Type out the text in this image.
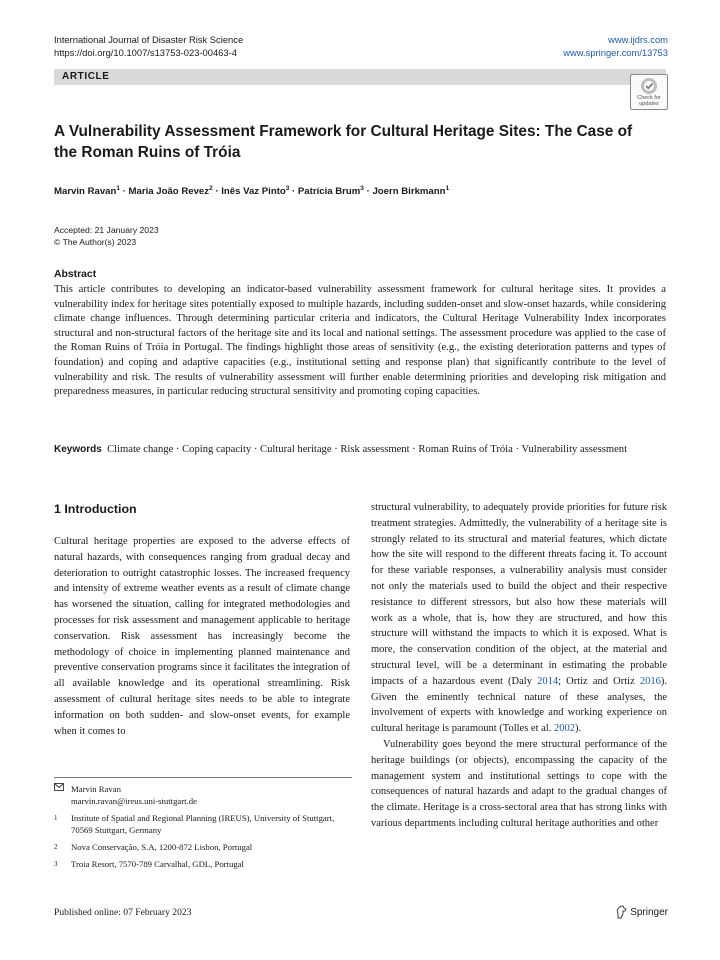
International Journal of Disaster Risk Science
https://doi.org/10.1007/s13753-023-00463-4
www.ijdrs.com
www.springer.com/13753
ARTICLE
Check for updates
A Vulnerability Assessment Framework for Cultural Heritage Sites: The Case of the Roman Ruins of Tróia
Marvin Ravan$^1$ · Maria João Revez$^2$ · Inês Vaz Pinto$^3$ · Patrícia Brum$^3$ · Joern Birkmann$^1$
Accepted: 21 January 2023
© The Author(s) 2023
Abstract
This article contributes to developing an indicator-based vulnerability assessment framework for cultural heritage sites. It provides a vulnerability index for heritage sites potentially exposed to multiple hazards, including sudden-onset and slow-onset hazards, while considering climate change influences. Through determining particular criteria and indicators, the Cultural Heritage Vulnerability Index incorporates structural and non-structural factors of the heritage site and its local and national settings. The assessment procedure was applied to the case of the Roman Ruins of Tróia in Portugal. The findings highlight those areas of sensitivity (e.g., the existing deterioration patterns and types of foundation) and coping and adaptive capacities (e.g., institutional setting and response plan) that significantly contribute to the level of vulnerability and risk. The results of vulnerability assessment will further enable determining priorities and developing risk mitigation and preparedness measures, in particular reducing structural sensitivity and promoting coping capacities.
Keywords Climate change · Coping capacity · Cultural heritage · Risk assessment · Roman Ruins of Tróia · Vulnerability assessment
1 Introduction
Cultural heritage properties are exposed to the adverse effects of natural hazards, with consequences ranging from gradual decay and deterioration to outright catastrophic losses. The increased frequency and intensity of extreme weather events as a result of climate change has worsened the situation, calling for integrated methodologies and processes for risk assessment and management applicable to heritage conservation. Risk assessment has increasingly become the methodology of choice in implementing planned maintenance and preventive conservation programs since it facilitates the integration of all available knowledge and its operational streamlining. Risk assessment of cultural heritage sites needs to be able to integrate information on both sudden- and slow-onset events, for example when it comes to

structural vulnerability, to adequately provide priorities for future risk treatment strategies. Admittedly, the vulnerability of a heritage site is strongly related to its structural and material features, which dictate how the site will respond to the different threats facing it. To account for these variable responses, a vulnerability analysis must consider not only the materials used to build the object and their respective resistance to different stressors, but also how these materials will work as a whole, that is, how they are structured, and how this structure will withstand the impacts to which it is exposed. What is more, the conservation condition of the object, at the material and structural level, will be a determinant in estimating the probable impacts of a hazardous event (Daly 2014; Ortiz and Ortiz 2016). Given the eminently technical nature of these analyses, the involvement of experts with knowledge and working experience on cultural heritage is paramount (Tolles et al. 2002).

Vulnerability goes beyond the mere structural performance of the heritage buildings (or objects), encompassing the capacity of the management system and institutional settings to cope with the consequences of natural hazards and adapt to the gradual changes of the climate. Heritage is a cross-sectoral area that has strong links with various departments including cultural heritage authorities and other

Marvin Ravan
marvin.ravan@ireus.uni-stuttgart.de
1 Institute of Spatial and Regional Planning (IREUS), University of Stuttgart, 70569 Stuttgart, Germany
2 Nova Conservação, S.A, 1200-872 Lisbon, Portugal
3 Troia Resort, 7570-789 Carvalhal, GDL, Portugal
Published online: 07 February 2023	Springer
